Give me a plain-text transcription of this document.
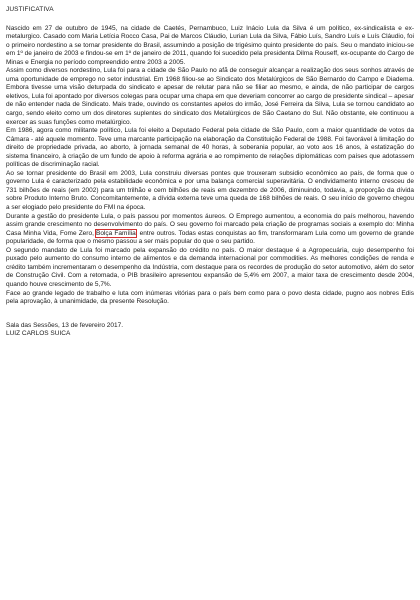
JUSTIFICATIVA

Nascido em 27 de outubro de 1945, na cidade de Caetés, Pernambuco, Luiz Inácio Lula da Silva é um político, ex-sindicalista e ex-metalurgico. Casado com Maria Letícia Rocco Casa, Pai de Marcos Cláudio, Lurian Lula da Silva, Fábio Luís, Sandro Luís e Luís Cláudio, foi o primeiro nordestino a se tornar presidente do Brasil, assumindo a posição de trigésimo quinto presidente do país. Seu o mandato iniciou-se em 1º de janeiro de 2003 e findou-se em 1º de janeiro de 2011, quando foi sucedido pela presidenta Dilma Rouseff, ex-ocupante do Cargo de Minas e Energia no período compreendido entre 2003 a 2005.

Assim como diversos nordestino, Lula foi para a cidade de São Paulo no afã de conseguir alcançar a realização dos seus sonhos através de uma oportunidade de emprego no setor industrial. Em 1968 filiou-se ao Sindicato dos Metalúrgicos de São Bernardo do Campo e Diadema. Embora tivesse uma visão deturpada do sindicato e apesar de relutar para não se filiar ao mesmo, e ainda, de não participar de cargos eletivos, Lula foi apontado por diversos colegas para ocupar uma chapa em que deveriam concorrer ao cargo de presidente sindical – apesar de não entender nada de Sindicato. Mais trade, ouvindo os constantes apelos do irmão, José Ferreira da Silva, Lula se tornou candidato ao cargo, sendo eleito como um dos diretores suplentes do sindicato dos Metalúrgicos de São Caetano do Sul. Não obstante, ele continuou a exercer as suas funções como metalúrgico.

Em 1986, agora como militante político, Lula foi eleito a Deputado Federal pela cidade de São Paulo, com a maior quantidade de votos da Câmara - até aquele momento. Teve uma marcante participação na elaboração da Constituição Federal de 1988. Foi favorável à limitação do direito de propriedade privada, ao aborto, à jornada semanal de 40 horas, à soberania popular, ao voto aos 16 anos, à estatização do sistema financeiro, à criação de um fundo de apoio à reforma agrária e ao rompimento de relações diplomáticas com países que adotassem políticas de discriminação racial.

Ao se tornar presidente do Brasil em 2003, Lula construiu diversas pontes que trouxeram subsidio econômico ao país, de forma que o governo Lula é caracterizado pela estabilidade econômica e por uma balança comercial superavitária. O endividamento interno cresceu de 731 bilhões de reais (em 2002) para um trilhão e cem bilhões de reais em dezembro de 2006, diminuindo, todavia, a proporção da dívida sobre Produto Interno Bruto. Concomitantemente, a dívida externa teve uma queda de 168 bilhões de reais. O seu início de governo chegou a ser elogiado pelo presidente do FMI na época.

Durante a gestão do presidente Lula, o país passou por momentos áureos. O Emprego aumentou, a economia do país melhorou, havendo assim grande crescimento no desenvolvimento do país. O seu governo foi marcado pela criação de programas sociais a exemplo do: Minha Casa Minha Vida, Fome Zero, Bolça Família, entre outros. Todas estas conquistas ao fim, transformaram Lula como um governo de grande popularidade, de forma que o mesmo passou a ser mais popular do que o seu partido.

O segundo mandato de Lula foi marcado pela expansão do crédito no país. O maior destaque é a Agropecuária, cujo desempenho foi puxado pelo aumento do consumo interno de alimentos e da demanda internacional por commodities. As melhores condições de renda e crédito também incrementaram o desempenho da Indústria, com destaque para os recordes de produção do setor automotivo, além do setor de Construção Civil. Com a retomada, o PIB brasileiro apresentou expansão de 5,4% em 2007, a maior taxa de crescimento desde 2004, quando houve crescimento de 5,7%.

Face ao grande legado de trabalho e luta com inúmeras vitórias para o país bem como para o povo desta cidade, pugno aos nobres Edis pela aprovação, à unanimidade, da presente Resolução.

Sala das Sessões, 13 de fevereiro 2017.
LUIZ CARLOS SUICA
